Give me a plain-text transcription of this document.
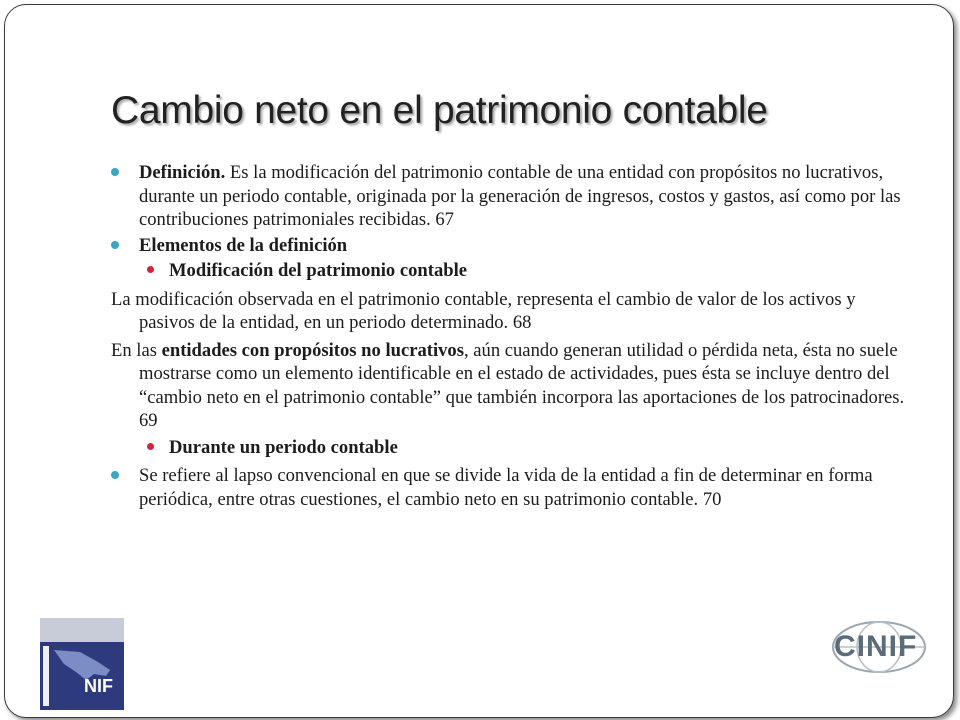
Cambio neto en el patrimonio contable
Definición. Es la modificación del patrimonio contable de una entidad con propósitos no lucrativos, durante un periodo contable, originada por la generación de ingresos, costos y gastos, así como por las contribuciones patrimoniales recibidas. 67
Elementos de la definición
Modificación del patrimonio contable
La modificación observada en el patrimonio contable, representa el cambio de valor de los activos y pasivos de la entidad, en un periodo determinado. 68
En las entidades con propósitos no lucrativos, aún cuando generan utilidad o pérdida neta, ésta no suele mostrarse como un elemento identificable en el estado de actividades, pues ésta se incluye dentro del “cambio neto en el patrimonio contable” que también incorpora las aportaciones de los patrocinadores. 69
Durante un periodo contable
Se refiere al lapso convencional en que se divide la vida de la entidad a fin de determinar en forma periódica, entre otras cuestiones, el cambio neto en su patrimonio contable. 70
NIF
CINIF
